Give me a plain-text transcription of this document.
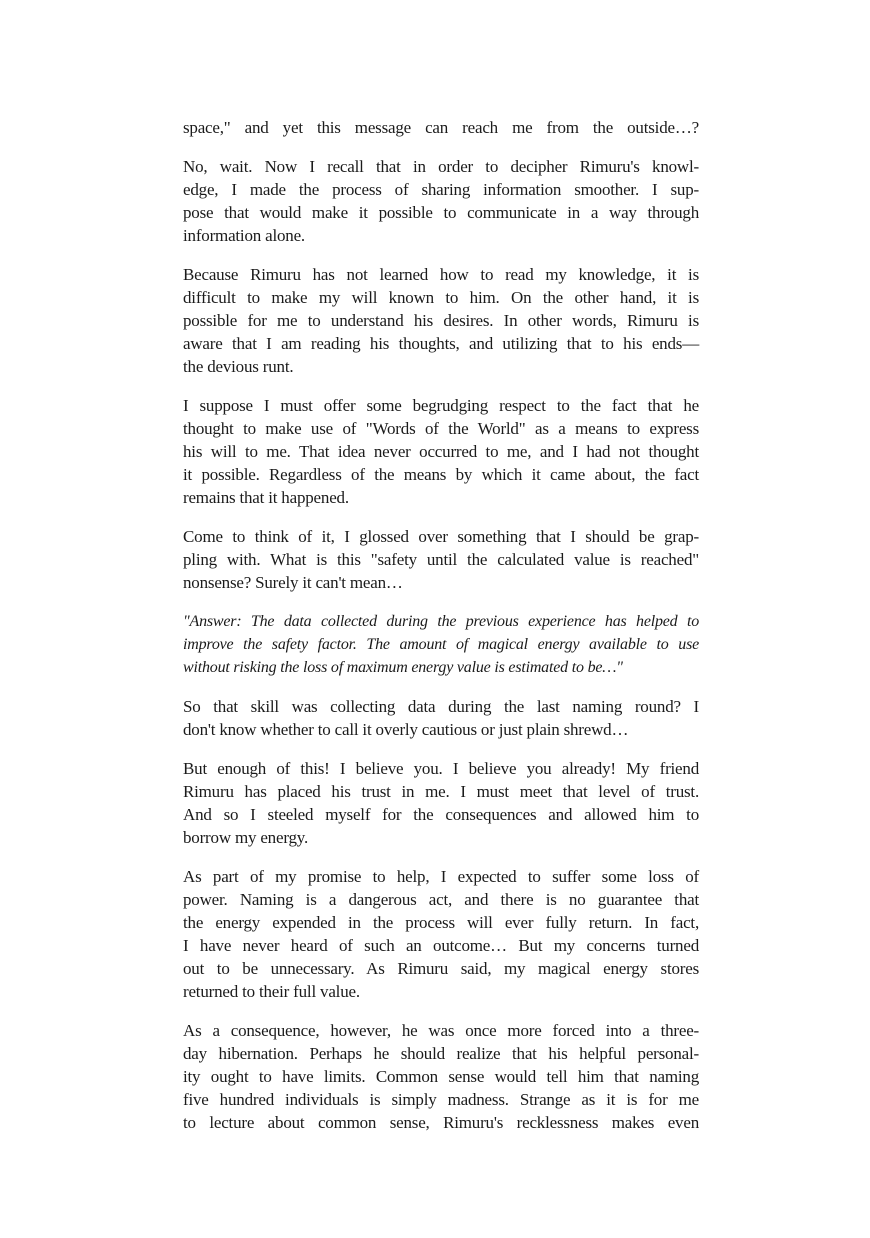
space," and yet this message can reach me from the outside…?
No, wait. Now I recall that in order to decipher Rimuru's knowl-
edge, I made the process of sharing information smoother. I sup-
pose that would make it possible to communicate in a way through
information alone.
Because Rimuru has not learned how to read my knowledge, it is
difficult to make my will known to him. On the other hand, it is
possible for me to understand his desires. In other words, Rimuru is
aware that I am reading his thoughts, and utilizing that to his ends—
the devious runt.
I suppose I must offer some begrudging respect to the fact that he
thought to make use of "Words of the World" as a means to express
his will to me. That idea never occurred to me, and I had not thought
it possible. Regardless of the means by which it came about, the fact
remains that it happened.
Come to think of it, I glossed over something that I should be grap-
pling with. What is this "safety until the calculated value is reached"
nonsense? Surely it can't mean…
"Answer: The data collected during the previous experience has helped to
improve the safety factor. The amount of magical energy available to use
without risking the loss of maximum energy value is estimated to be…"
So that skill was collecting data during the last naming round? I
don't know whether to call it overly cautious or just plain shrewd…
But enough of this! I believe you. I believe you already! My friend
Rimuru has placed his trust in me. I must meet that level of trust.
And so I steeled myself for the consequences and allowed him to
borrow my energy.
As part of my promise to help, I expected to suffer some loss of
power. Naming is a dangerous act, and there is no guarantee that
the energy expended in the process will ever fully return. In fact,
I have never heard of such an outcome… But my concerns turned
out to be unnecessary. As Rimuru said, my magical energy stores
returned to their full value.
As a consequence, however, he was once more forced into a three-
day hibernation. Perhaps he should realize that his helpful personal-
ity ought to have limits. Common sense would tell him that naming
five hundred individuals is simply madness. Strange as it is for me
to lecture about common sense, Rimuru's recklessness makes even
